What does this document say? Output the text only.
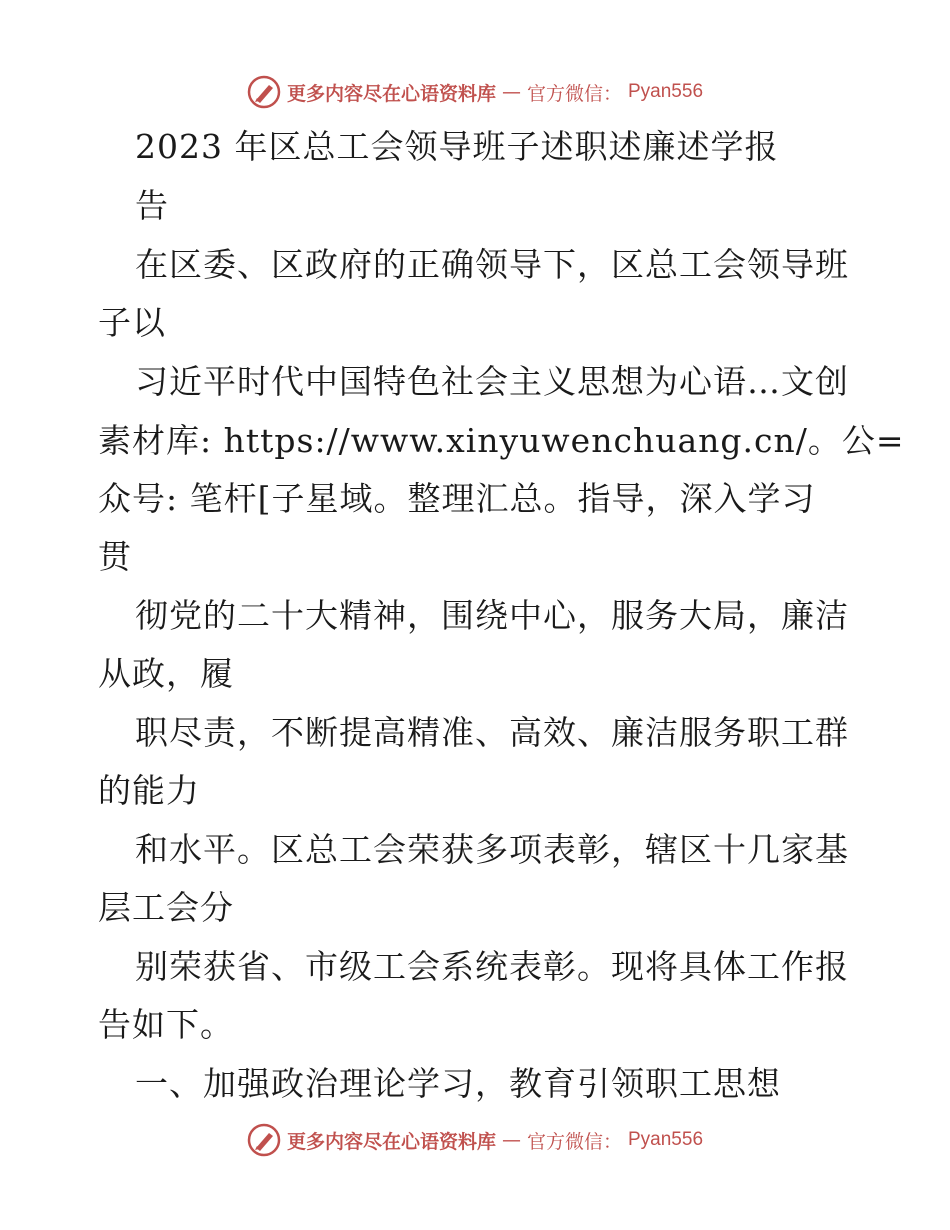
更多内容尽在心语资料库 — 官方微信： Pyan556
2023 年区总工会领导班子述职述廉述学报
告
在区委、区政府的正确领导下，区总工会领导班
子以
习近平时代中国特色社会主义思想为心语…文创
素材库: https://www.xinyuwenchuang.cn/。公=
众号: 笔杆[子星域。整理汇总。指导，深入学习
贯
彻党的二十大精神，围绕中心，服务大局，廉洁
从政，履
职尽责，不断提高精准、高效、廉洁服务职工群
的能力
和水平。区总工会荣获多项表彰，辖区十几家基
层工会分
别荣获省、市级工会系统表彰。现将具体工作报
告如下。
一、加强政治理论学习，教育引领职工思想
更多内容尽在心语资料库 — 官方微信： Pyan556
